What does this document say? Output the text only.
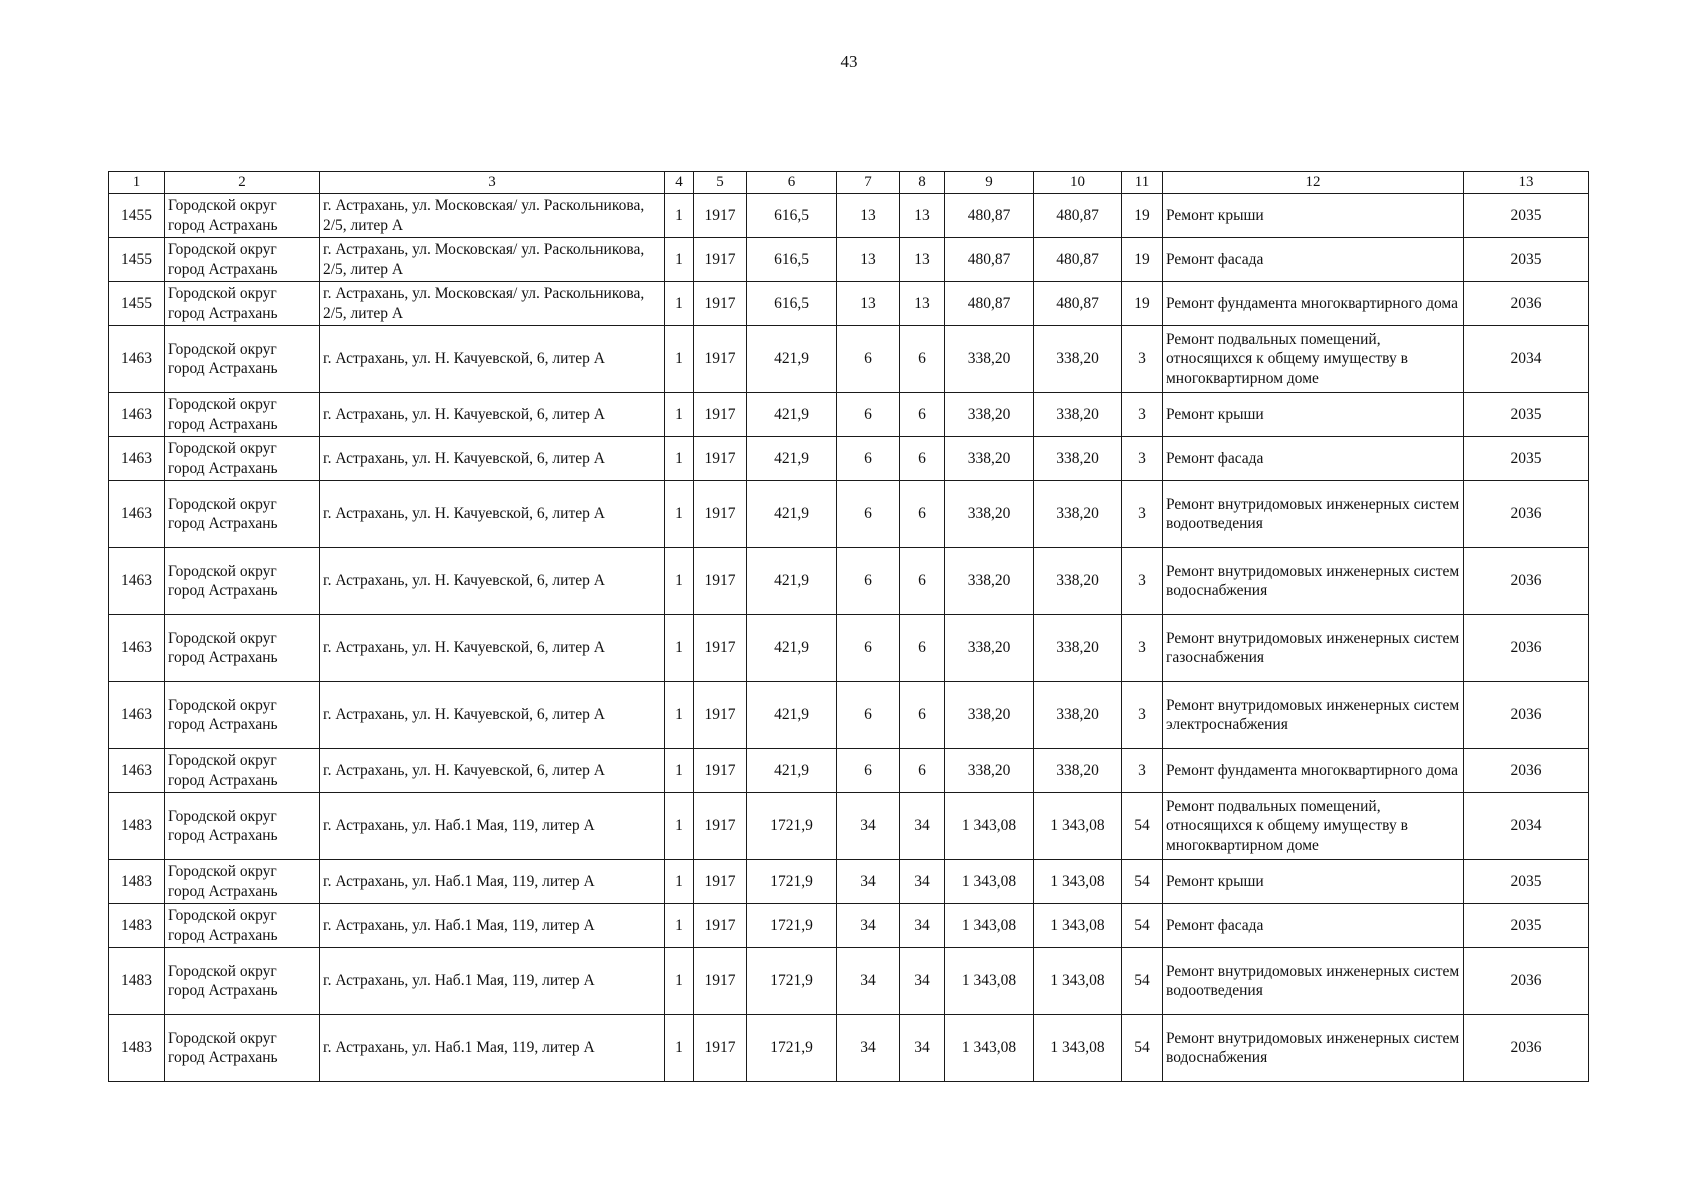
43
1	2	3	4	5	6	7	8	9	10	11	12	13
1455	Городской округ город Астрахань	г. Астрахань, ул. Московская/ ул. Раскольникова, 2/5, литер А	1	1917	616,5	13	13	480,87	480,87	19	Ремонт крыши	2035
1455	Городской округ город Астрахань	г. Астрахань, ул. Московская/ ул. Раскольникова, 2/5, литер А	1	1917	616,5	13	13	480,87	480,87	19	Ремонт фасада	2035
1455	Городской округ город Астрахань	г. Астрахань, ул. Московская/ ул. Раскольникова, 2/5, литер А	1	1917	616,5	13	13	480,87	480,87	19	Ремонт фундамента многоквартирного дома	2036
1463	Городской округ город Астрахань	г. Астрахань, ул. Н. Качуевской, 6, литер А	1	1917	421,9	6	6	338,20	338,20	3	Ремонт подвальных помещений, относящихся к общему имуществу в многоквартирном доме	2034
1463	Городской округ город Астрахань	г. Астрахань, ул. Н. Качуевской, 6, литер А	1	1917	421,9	6	6	338,20	338,20	3	Ремонт крыши	2035
1463	Городской округ город Астрахань	г. Астрахань, ул. Н. Качуевской, 6, литер А	1	1917	421,9	6	6	338,20	338,20	3	Ремонт фасада	2035
1463	Городской округ город Астрахань	г. Астрахань, ул. Н. Качуевской, 6, литер А	1	1917	421,9	6	6	338,20	338,20	3	Ремонт внутридомовых инженерных систем водоотведения	2036
1463	Городской округ город Астрахань	г. Астрахань, ул. Н. Качуевской, 6, литер А	1	1917	421,9	6	6	338,20	338,20	3	Ремонт внутридомовых инженерных систем водоснабжения	2036
1463	Городской округ город Астрахань	г. Астрахань, ул. Н. Качуевской, 6, литер А	1	1917	421,9	6	6	338,20	338,20	3	Ремонт внутридомовых инженерных систем газоснабжения	2036
1463	Городской округ город Астрахань	г. Астрахань, ул. Н. Качуевской, 6, литер А	1	1917	421,9	6	6	338,20	338,20	3	Ремонт внутридомовых инженерных систем электроснабжения	2036
1463	Городской округ город Астрахань	г. Астрахань, ул. Н. Качуевской, 6, литер А	1	1917	421,9	6	6	338,20	338,20	3	Ремонт фундамента многоквартирного дома	2036
1483	Городской округ город Астрахань	г. Астрахань, ул. Наб.1 Мая, 119, литер А	1	1917	1721,9	34	34	1 343,08	1 343,08	54	Ремонт подвальных помещений, относящихся к общему имуществу в многоквартирном доме	2034
1483	Городской округ город Астрахань	г. Астрахань, ул. Наб.1 Мая, 119, литер А	1	1917	1721,9	34	34	1 343,08	1 343,08	54	Ремонт крыши	2035
1483	Городской округ город Астрахань	г. Астрахань, ул. Наб.1 Мая, 119, литер А	1	1917	1721,9	34	34	1 343,08	1 343,08	54	Ремонт фасада	2035
1483	Городской округ город Астрахань	г. Астрахань, ул. Наб.1 Мая, 119, литер А	1	1917	1721,9	34	34	1 343,08	1 343,08	54	Ремонт внутридомовых инженерных систем водоотведения	2036
1483	Городской округ город Астрахань	г. Астрахань, ул. Наб.1 Мая, 119, литер А	1	1917	1721,9	34	34	1 343,08	1 343,08	54	Ремонт внутридомовых инженерных систем водоснабжения	2036
